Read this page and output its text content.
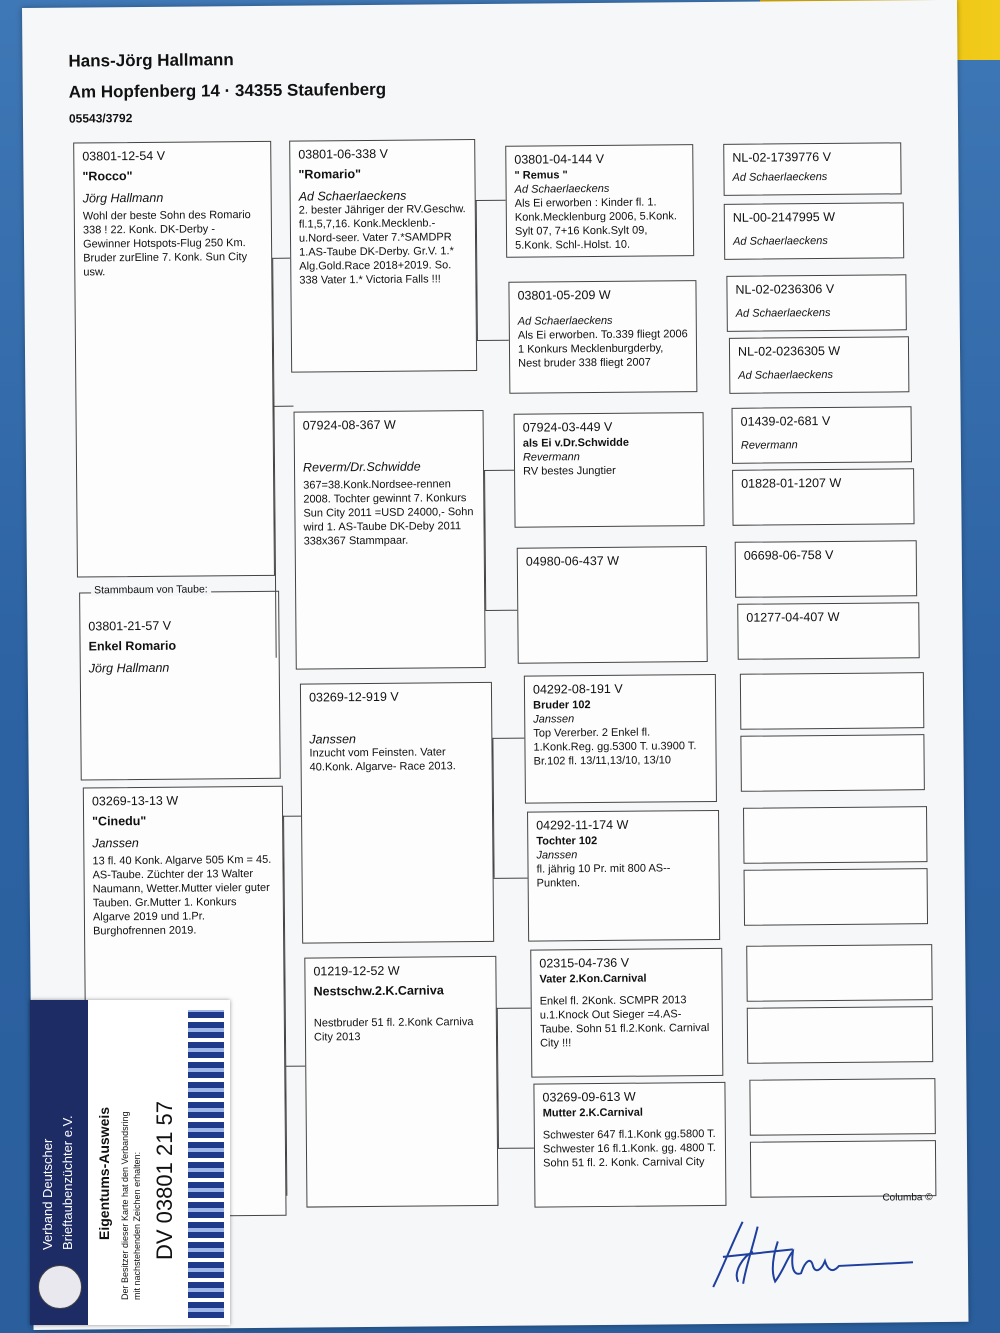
Hans-Jörg Hallmann
Am Hopfenberg 14 · 34355 Staufenberg
05543/3792
03801-12-54 V
"Rocco"
Jörg Hallmann
Wohl der beste Sohn des Romario 338 ! 22. Konk. DK-Derby - Gewinner Hotspots-Flug 250 Km. Bruder zurEline 7. Konk. Sun City usw.
03801-21-57 V
Enkel Romario
Jörg Hallmann
Stammbaum von Taube:
03269-13-13 W
"Cinedu"
Janssen
13 fl. 40 Konk. Algarve 505 Km = 45. AS-Taube. Züchter der 13 Walter Naumann, Wetter.Mutter vieler guter Tauben. Gr.Mutter 1. Konkurs Algarve 2019 und 1.Pr. Burghofrennen 2019.
03801-06-338 V
"Romario"
Ad Schaerlaeckens
2. bester Jähriger der RV.Geschw. fl.1,5,7,16. Konk.Mecklenb.-u.Nord-seer. Vater 7.*SAMDPR 1.AS-Taube DK-Derby. Gr.V. 1.* Alg.Gold.Race 2018+2019. So. 338 Vater 1.* Victoria Falls !!!
07924-08-367 W
Reverm/Dr.Schwidde
367=38.Konk.Nordsee-rennen 2008. Tochter gewinnt 7. Konkurs Sun City 2011 =USD 24000,- Sohn wird 1. AS-Taube DK-Deby 2011 338x367 Stammpaar.
03269-12-919 V
Janssen
Inzucht vom Feinsten. Vater 40.Konk. Algarve- Race 2013.
01219-12-52 W
Nestschw.2.K.Carniva
Nestbruder 51 fl. 2.Konk Carniva City 2013
03801-04-144 V
" Remus "
Ad Schaerlaeckens
Als Ei erworben : Kinder fl. 1. Konk.Mecklenburg 2006, 5.Konk. Sylt 07, 7+16 Konk.Sylt 09, 5.Konk. Schl-.Holst. 10.
03801-05-209 W
Ad Schaerlaeckens
Als Ei erworben. To.339 fliegt 2006 1 Konkurs Mecklenburgderby, Nest bruder 338 fliegt 2007
07924-03-449 V
als Ei v.Dr.Schwidde
Revermann
RV bestes Jungtier
04980-06-437 W
04292-08-191 V
Bruder 102
Janssen
Top Vererber. 2 Enkel fl. 1.Konk.Reg. gg.5300 T. u.3900 T. Br.102 fl. 13/11,13/10, 13/10
04292-11-174 W
Tochter 102
Janssen
fl. jährig 10 Pr. mit 800 AS-- Punkten.
02315-04-736 V
Vater 2.Kon.Carnival
Enkel fl. 2Konk. SCMPR 2013 u.1.Knock Out Sieger =4.AS-Taube. Sohn 51 fl.2.Konk. Carnival City !!!
03269-09-613 W
Mutter 2.K.Carnival
Schwester 647 fl.1.Konk gg.5800 T. Schwester 16 fl.1.Konk. gg. 4800 T. Sohn 51 fl. 2. Konk. Carnival City
NL-02-1739776 V
Ad Schaerlaeckens
NL-00-2147995 W
Ad Schaerlaeckens
NL-02-0236306 V
Ad Schaerlaeckens
NL-02-0236305 W
Ad Schaerlaeckens
01439-02-681 V
Revermann
01828-01-1207 W
06698-06-758 V
01277-04-407 W
Columba ©
Verband Deutscher Brieftaubenzüchter e.V. Eigentums-Ausweis Der Besitzer dieser Karte hat den Verbandsring mit nachstehenden Zeichen erhalten: DV 03801 21 57
